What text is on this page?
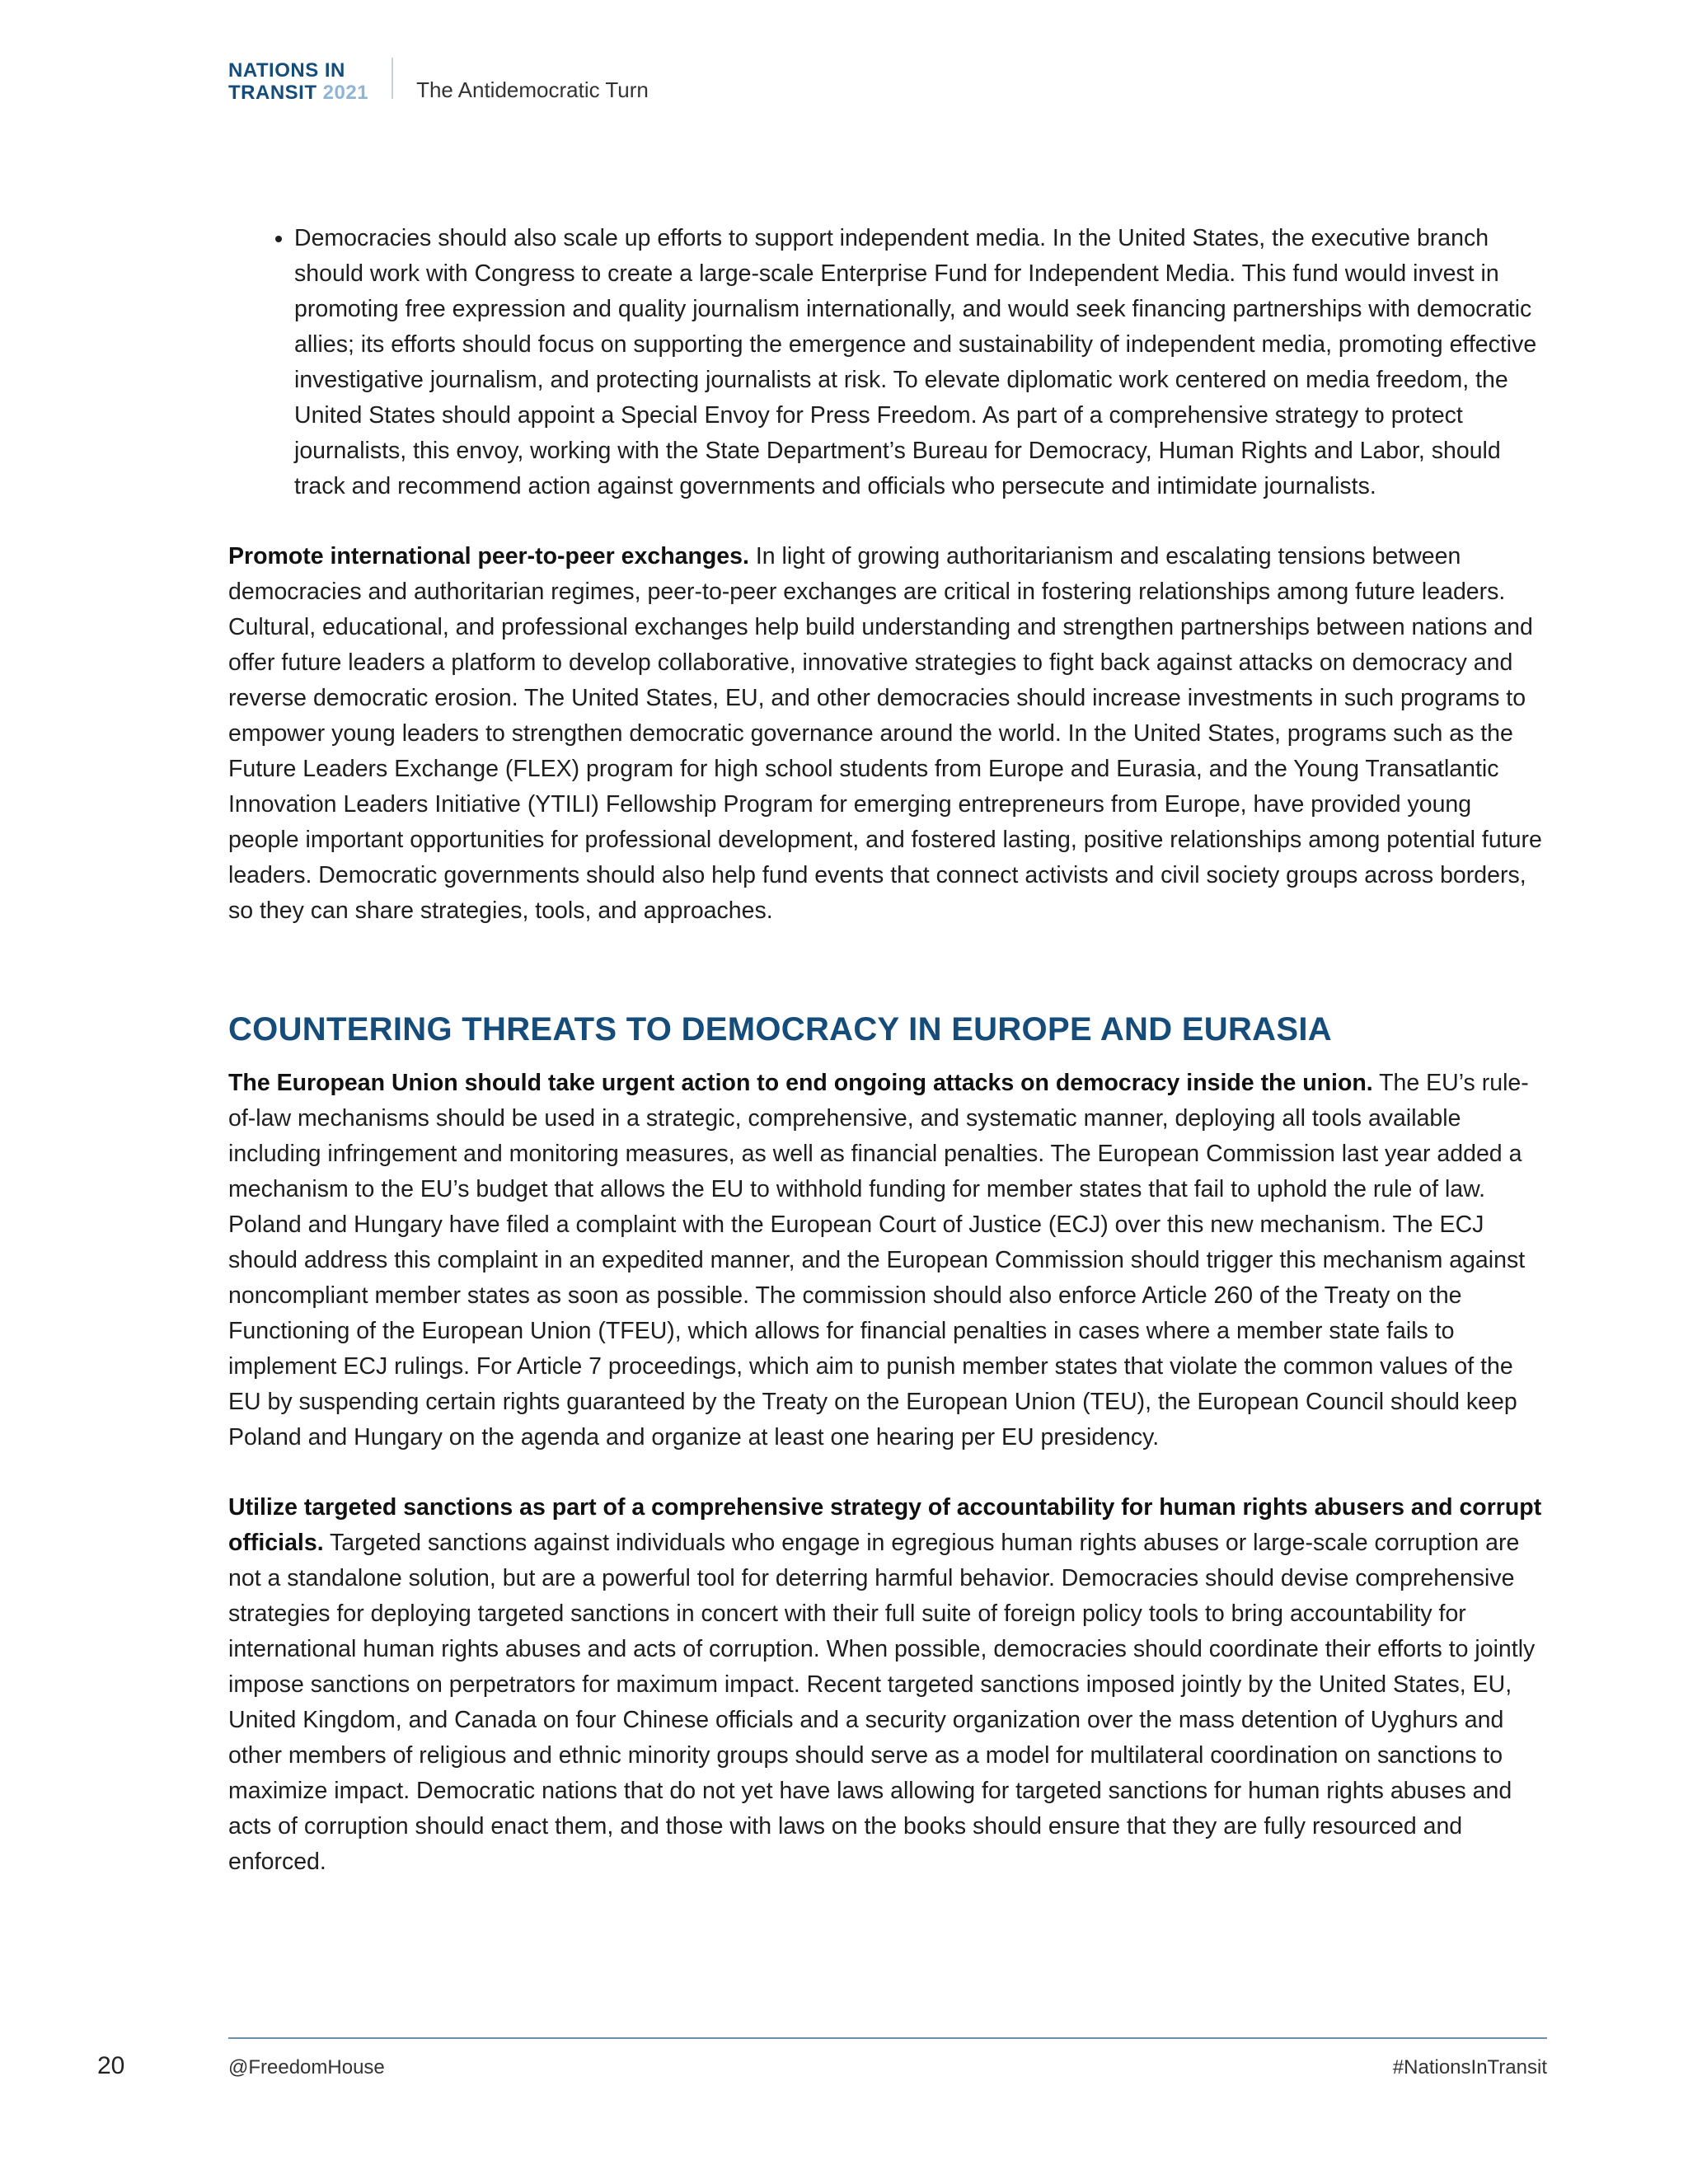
NATIONS IN
TRANSIT 2021 The Antidemocratic Turn
• Democracies should also scale up efforts to support independent media. In the United States, the executive branch should work with Congress to create a large-scale Enterprise Fund for Independent Media. This fund would invest in promoting free expression and quality journalism internationally, and would seek financing partnerships with democratic allies; its efforts should focus on supporting the emergence and sustainability of independent media, promoting effective investigative journalism, and protecting journalists at risk. To elevate diplomatic work centered on media freedom, the United States should appoint a Special Envoy for Press Freedom. As part of a comprehensive strategy to protect journalists, this envoy, working with the State Department’s Bureau for Democracy, Human Rights and Labor, should track and recommend action against governments and officials who persecute and intimidate journalists.

Promote international peer-to-peer exchanges. In light of growing authoritarianism and escalating tensions between democracies and authoritarian regimes, peer-to-peer exchanges are critical in fostering relationships among future leaders. Cultural, educational, and professional exchanges help build understanding and strengthen partnerships between nations and offer future leaders a platform to develop collaborative, innovative strategies to fight back against attacks on democracy and reverse democratic erosion. The United States, EU, and other democracies should increase investments in such programs to empower young leaders to strengthen democratic governance around the world. In the United States, programs such as the Future Leaders Exchange (FLEX) program for high school students from Europe and Eurasia, and the Young Transatlantic Innovation Leaders Initiative (YTILI) Fellowship Program for emerging entrepreneurs from Europe, have provided young people important opportunities for professional development, and fostered lasting, positive relationships among potential future leaders. Democratic governments should also help fund events that connect activists and civil society groups across borders, so they can share strategies, tools, and approaches.

COUNTERING THREATS TO DEMOCRACY IN EUROPE AND EURASIA

The European Union should take urgent action to end ongoing attacks on democracy inside the union. The EU’s rule-of-law mechanisms should be used in a strategic, comprehensive, and systematic manner, deploying all tools available including infringement and monitoring measures, as well as financial penalties. The European Commission last year added a mechanism to the EU’s budget that allows the EU to withhold funding for member states that fail to uphold the rule of law. Poland and Hungary have filed a complaint with the European Court of Justice (ECJ) over this new mechanism. The ECJ should address this complaint in an expedited manner, and the European Commission should trigger this mechanism against noncompliant member states as soon as possible. The commission should also enforce Article 260 of the Treaty on the Functioning of the European Union (TFEU), which allows for financial penalties in cases where a member state fails to implement ECJ rulings. For Article 7 proceedings, which aim to punish member states that violate the common values of the EU by suspending certain rights guaranteed by the Treaty on the European Union (TEU), the European Council should keep Poland and Hungary on the agenda and organize at least one hearing per EU presidency.

Utilize targeted sanctions as part of a comprehensive strategy of accountability for human rights abusers and corrupt officials. Targeted sanctions against individuals who engage in egregious human rights abuses or large-scale corruption are not a standalone solution, but are a powerful tool for deterring harmful behavior. Democracies should devise comprehensive strategies for deploying targeted sanctions in concert with their full suite of foreign policy tools to bring accountability for international human rights abuses and acts of corruption. When possible, democracies should coordinate their efforts to jointly impose sanctions on perpetrators for maximum impact. Recent targeted sanctions imposed jointly by the United States, EU, United Kingdom, and Canada on four Chinese officials and a security organization over the mass detention of Uyghurs and other members of religious and ethnic minority groups should serve as a model for multilateral coordination on sanctions to maximize impact. Democratic nations that do not yet have laws allowing for targeted sanctions for human rights abuses and acts of corruption should enact them, and those with laws on the books should ensure that they are fully resourced and enforced.

20	@FreedomHouse	#NationsInTransit
